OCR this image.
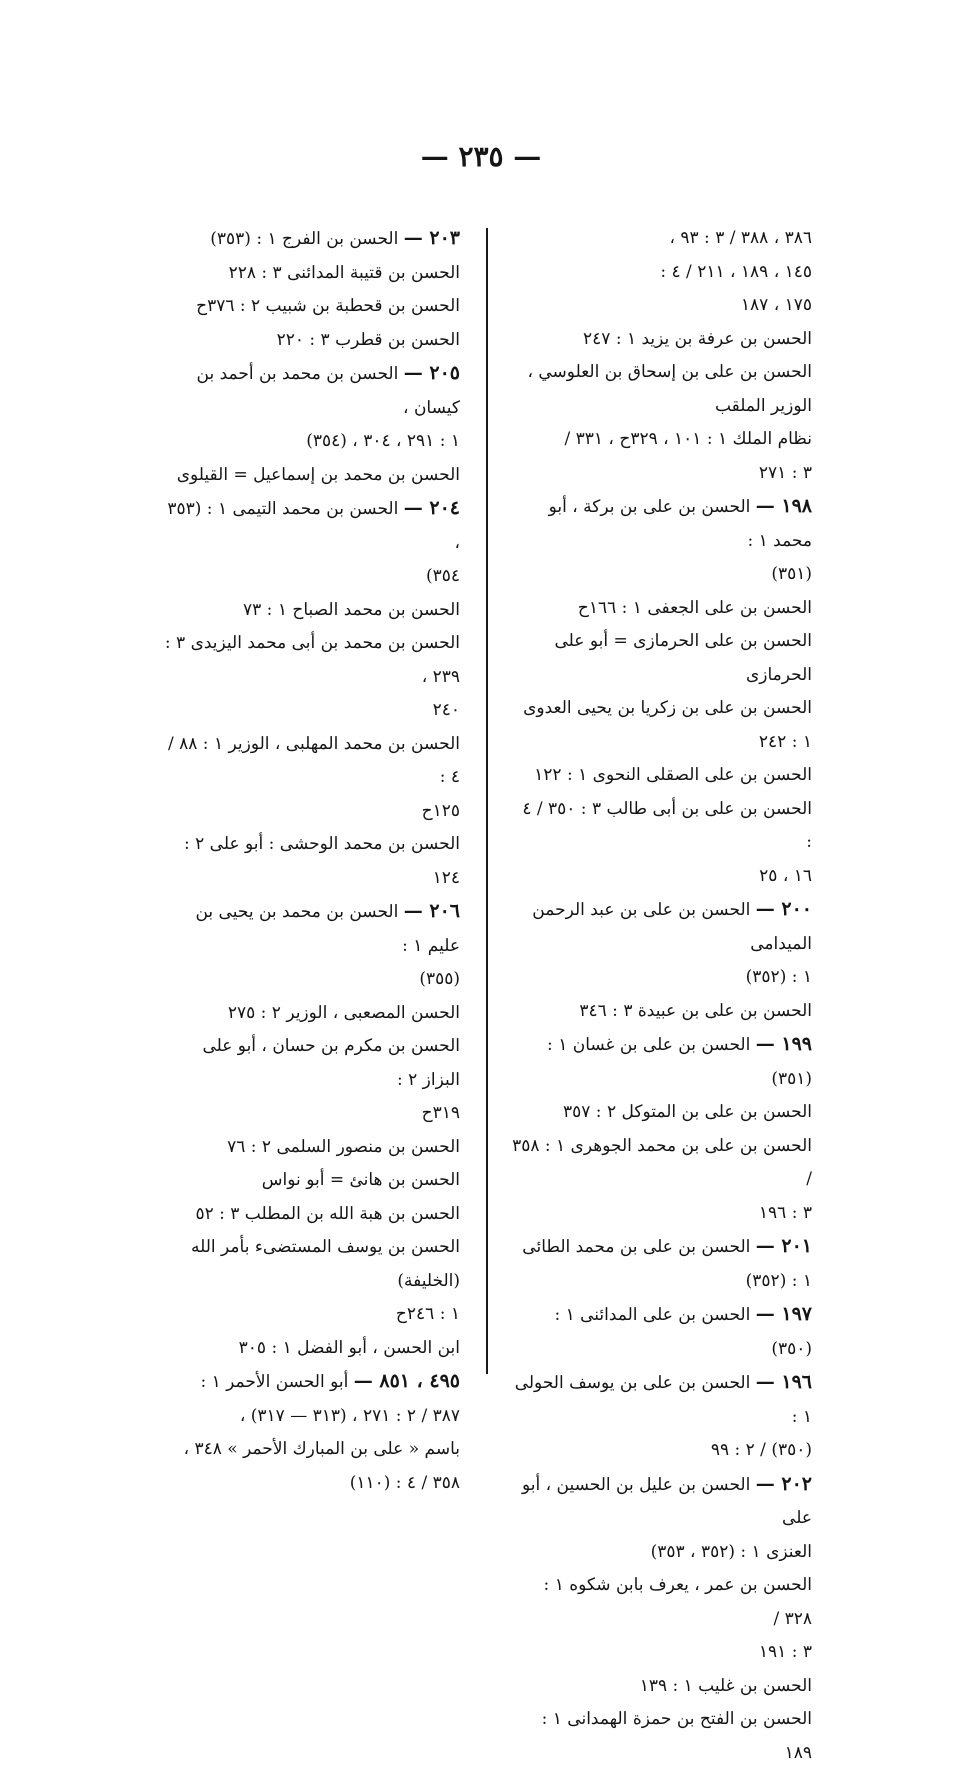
— ٢٣٥ —
٣٨٦ ، ٣٨٨ / ٣ : ٩٣ ،
١٤٥ ، ١٨٩ ، ٢١١ / ٤ :
١٧٥ ، ١٨٧
الحسن بن عرفة بن يزيد ١ : ٢٤٧
الحسن بن على بن إسحاق بن العلوسي ، الوزير الملقب
نظام الملك ١ : ١٠١ ، ٣٢٩ح ، ٣٣١ /
٣ : ٢٧١
١٩٨ — الحسن بن على بن بركة ، أبو محمد ١ :
(٣٥١)
الحسن بن على الجعفى ١ : ١٦٦ح
الحسن بن على الحرمازى = أبو على الحرمازى
الحسن بن على بن زكريا بن يحيى العدوى ١ : ٢٤٢
الحسن بن على الصقلى النحوى ١ : ١٢٢
الحسن بن على بن أبى طالب ٣ : ٣٥٠ / ٤ :
١٦ ، ٢٥
٢٠٠ — الحسن بن على بن عبد الرحمن الميدامى
١ : (٣٥٢)
الحسن بن على بن عبيدة ٣ : ٣٤٦
١٩٩ — الحسن بن على بن غسان ١ : (٣٥١)
الحسن بن على بن المتوكل ٢ : ٣٥٧
الحسن بن على بن محمد الجوهرى ١ : ٣٥٨ /
٣ : ١٩٦
٢٠١ — الحسن بن على بن محمد الطائى ١ : (٣٥٢)
١٩٧ — الحسن بن على المدائنى ١ : (٣٥٠)
١٩٦ — الحسن بن على بن يوسف الحولى ١ :
(٣٥٠) / ٢ : ٩٩
٢٠٢ — الحسن بن عليل بن الحسين ، أبو على
العنزى ١ : (٣٥٢ ، ٣٥٣)
الحسن بن عمر ، يعرف بابن شكوه ١ : ٣٢٨ /
٣ : ١٩١
الحسن بن غليب ١ : ١٣٩
الحسن بن الفتح بن حمزة الهمدانى ١ : ١٨٩
٢٠٣ — الحسن بن الفرج ١ : (٣٥٣)
الحسن بن قتيبة المدائنى ٣ : ٢٢٨
الحسن بن قحطبة بن شبيب ٢ : ٣٧٦ح
الحسن بن قطرب ٣ : ٢٢٠
٢٠٥ — الحسن بن محمد بن أحمد بن كيسان ،
١ : ٢٩١ ، ٣٠٤ ، (٣٥٤)
الحسن بن محمد بن إسماعيل = القيلوى
٢٠٤ — الحسن بن محمد التيمى ١ : (٣٥٣ ،
٣٥٤)
الحسن بن محمد الصباح ١ : ٧٣
الحسن بن محمد بن أبى محمد اليزيدى ٣ : ٢٣٩ ،
٢٤٠
الحسن بن محمد المهلبى ، الوزير ١ : ٨٨ / ٤ :
١٢٥ح
الحسن بن محمد الوحشى : أبو على ٢ : ١٢٤
٢٠٦ — الحسن بن محمد بن يحيى بن عليم ١ :
(٣٥٥)
الحسن المصعبى ، الوزير ٢ : ٢٧٥
الحسن بن مكرم بن حسان ، أبو على البزاز ٢ :
٣١٩ح
الحسن بن منصور السلمى ٢ : ٧٦
الحسن بن هانئ = أبو نواس
الحسن بن هبة الله بن المطلب ٣ : ٥٢
الحسن بن يوسف المستضىء بأمر الله (الخليفة)
١ : ٢٤٦ح
ابن الحسن ، أبو الفضل ١ : ٣٠٥
٤٩٥ ، ٨٥١ — أبو الحسن الأحمر ١ :
٣٨٧ / ٢ : ٢٧١ ، (٣١٣ — ٣١٧) ،
باسم « على بن المبارك الأحمر » ٣٤٨ ،
٣٥٨ / ٤ : (١١٠)
